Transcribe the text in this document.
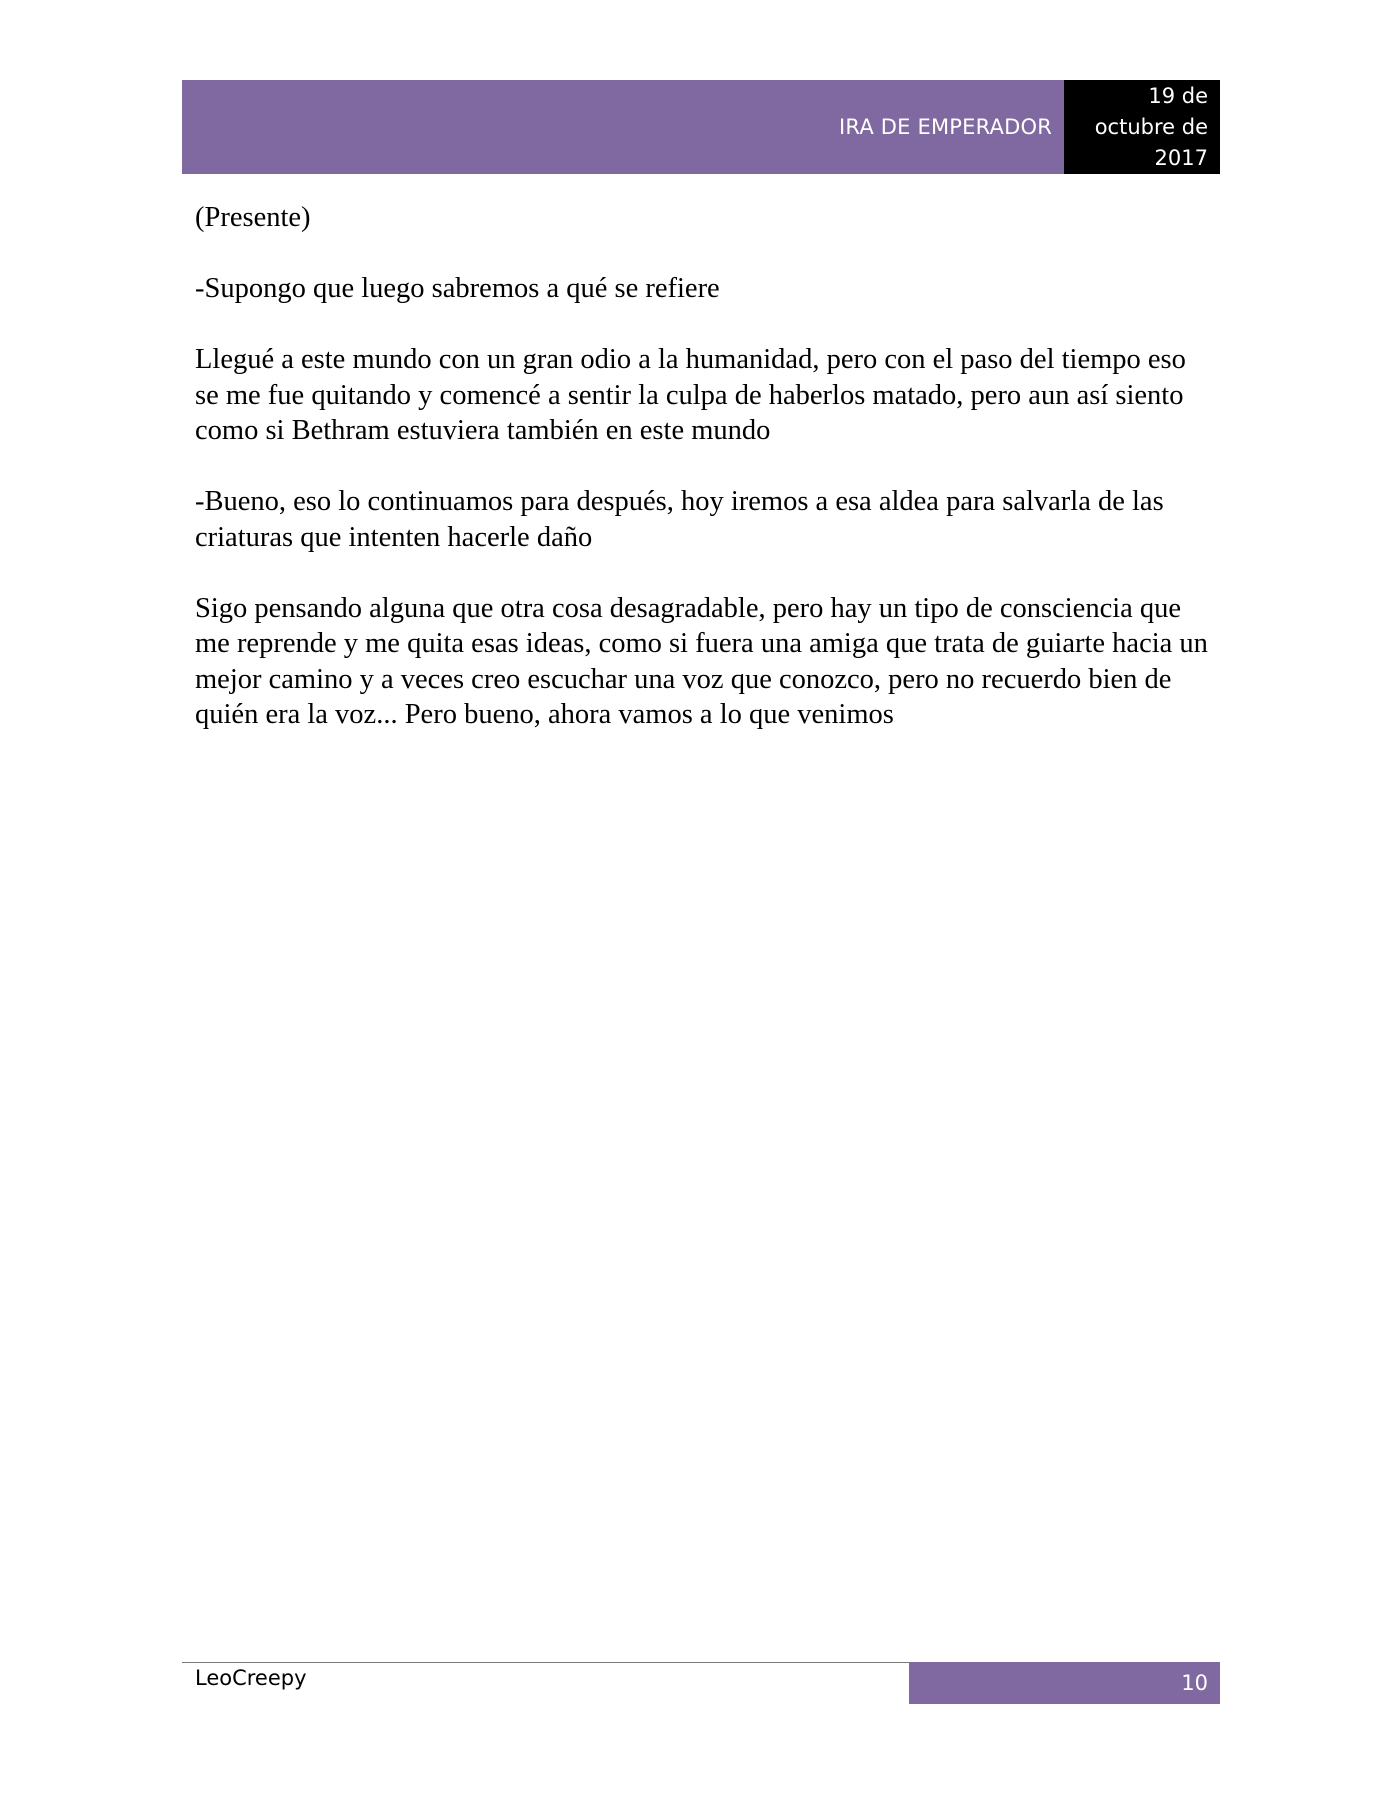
IRA DE EMPERADOR
19 de
octubre de
2017

(Presente)

-Supongo que luego sabremos a qué se refiere

Llegué a este mundo con un gran odio a la humanidad, pero con el paso del tiempo eso se me fue quitando y comencé a sentir la culpa de haberlos matado, pero aun así siento como si Bethram estuviera también en este mundo

-Bueno, eso lo continuamos para después, hoy iremos a esa aldea para salvarla de las criaturas que intenten hacerle daño

Sigo pensando alguna que otra cosa desagradable, pero hay un tipo de consciencia que me reprende y me quita esas ideas, como si fuera una amiga que trata de guiarte hacia un mejor camino y a veces creo escuchar una voz que conozco, pero no recuerdo bien de quién era la voz... Pero bueno, ahora vamos a lo que venimos

LeoCreepy	10
